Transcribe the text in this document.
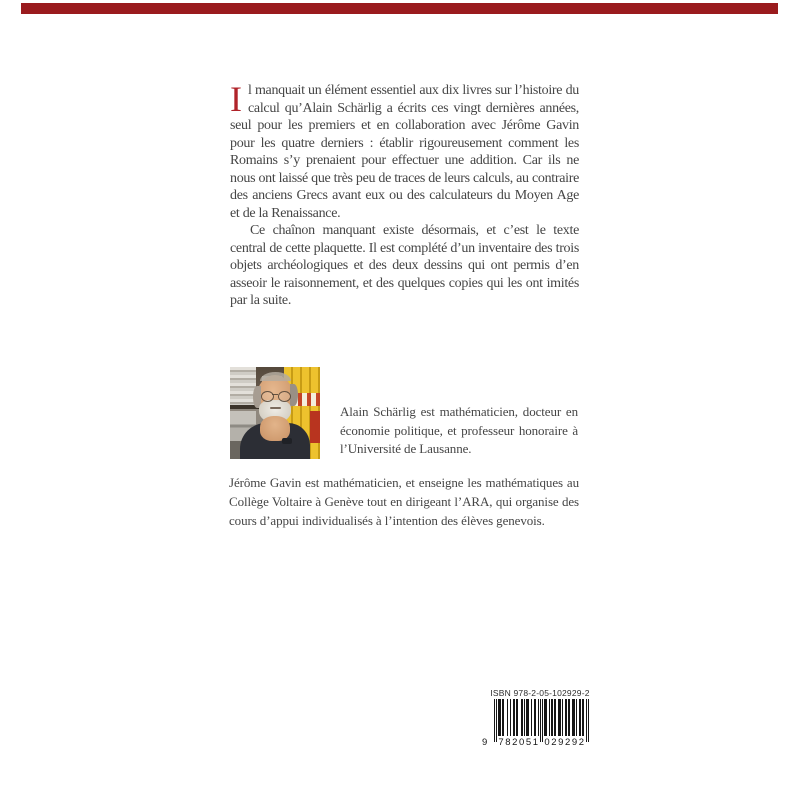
Il manquait un élément essentiel aux dix livres sur l’histoire du calcul qu’Alain Schärlig a écrits ces vingt dernières années, seul pour les premiers et en collaboration avec Jérôme Gavin pour les quatre derniers : établir rigoureusement comment les Romains s’y prenaient pour effectuer une addition. Car ils ne nous ont laissé que très peu de traces de leurs calculs, au contraire des anciens Grecs avant eux ou des calculateurs du Moyen Age et de la Renaissance.

Ce chaînon manquant existe désormais, et c’est le texte central de cette plaquette. Il est complété d’un inventaire des trois objets archéologiques et des deux dessins qui ont permis d’en asseoir le raisonnement, et des quelques copies qui les ont imités par la suite.

Alain Schärlig est mathématicien, docteur en économie politique, et professeur honoraire à l’Université de Lausanne.

Jérôme Gavin est mathématicien, et enseigne les mathématiques au Collège Voltaire à Genève tout en dirigeant l’ARA, qui organise des cours d’appui individualisés à l’intention des élèves genevois.

ISBN 978-2-05-102929-2
9 782051 029292
